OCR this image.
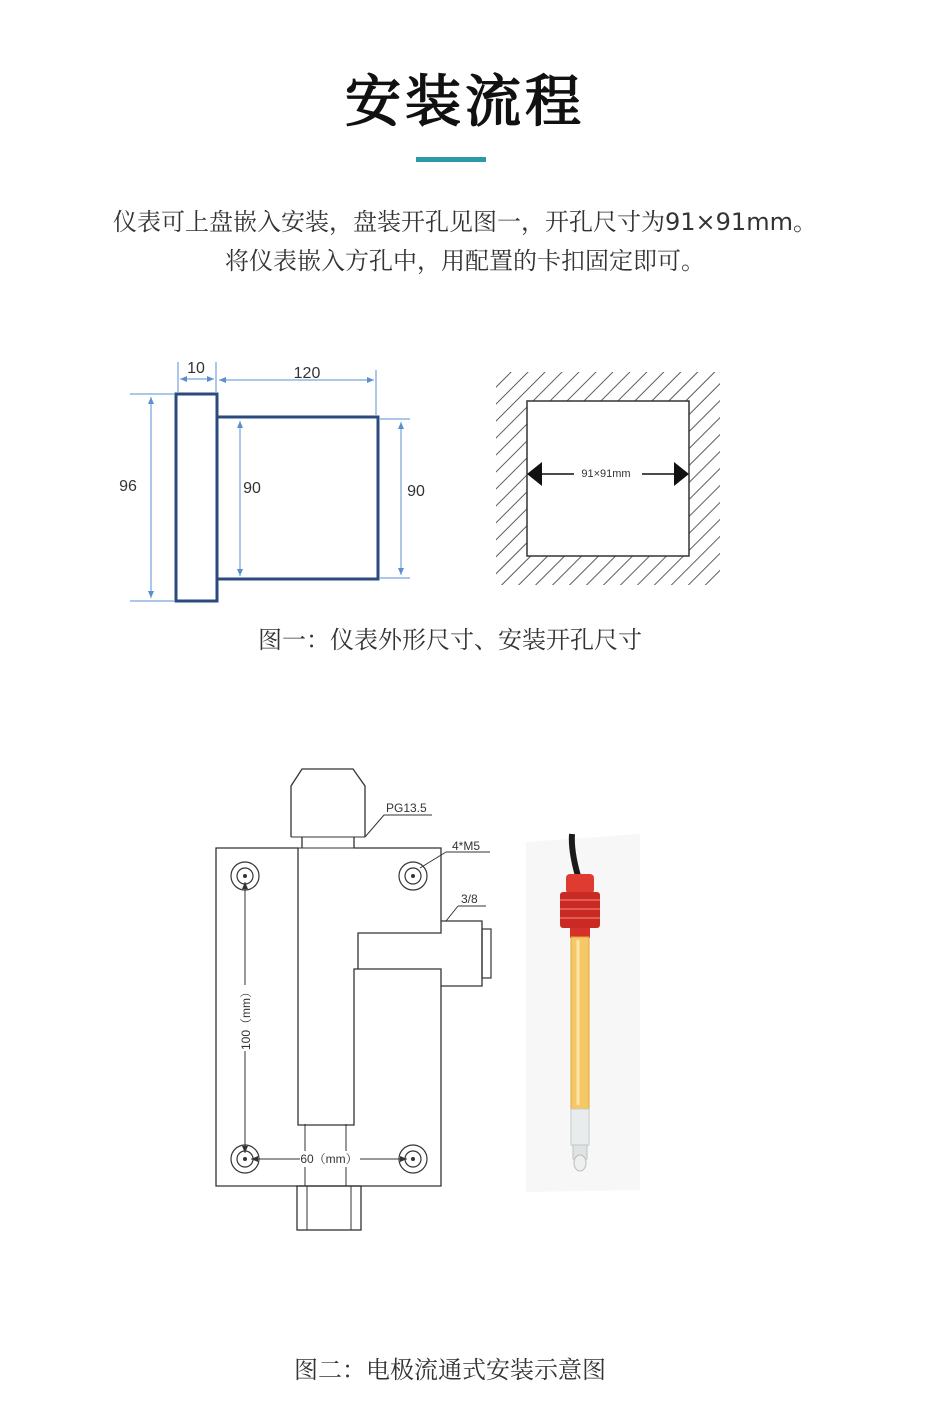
安装流程
仪表可上盘嵌入安装，盘装开孔见图一，开孔尺寸为91×91mm。
将仪表嵌入方孔中，用配置的卡扣固定即可。
10	120
96	90	90
91×91mm
100（mm）
60（mm）
PG13.5
4*M5
3/8
图一：仪表外形尺寸、安装开孔尺寸
图二：电极流通式安装示意图
